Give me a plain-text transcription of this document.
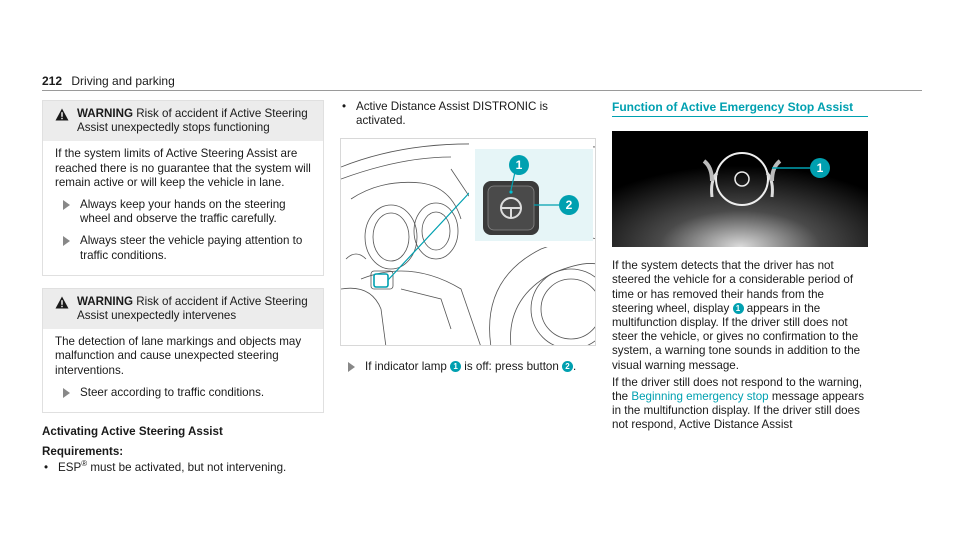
212 Driving and parking
WARNING Risk of accident if Active Steering Assist unexpectedly stops functioning

If the system limits of Active Steering Assist are reached there is no guarantee that the system will remain active or will keep the vehicle in lane.

Always keep your hands on the steering wheel and observe the traffic carefully.
Always steer the vehicle paying attention to traffic conditions.
WARNING Risk of accident if Active Steering Assist unexpectedly intervenes

The detection of lane markings and objects may malfunction and cause unexpected steering interventions.

Steer according to traffic conditions.
Activating Active Steering Assist
Requirements:
• ESP® must be activated, but not intervening.
• Active Distance Assist DISTRONIC is activated.
1
2
If indicator lamp 1 is off: press button 2 .
Function of Active Emergency Stop Assist
1

If the system detects that the driver has not steered the vehicle for a considerable period of time or has removed their hands from the steering wheel, display 1 appears in the multifunction display. If the driver still does not steer the vehicle, or gives no confirmation to the system, a warning tone sounds in addition to the visual warning message.

If the driver still does not respond to the warning, the Beginning emergency stop message appears in the multifunction display. If the driver still does not respond, Active Distance Assist
